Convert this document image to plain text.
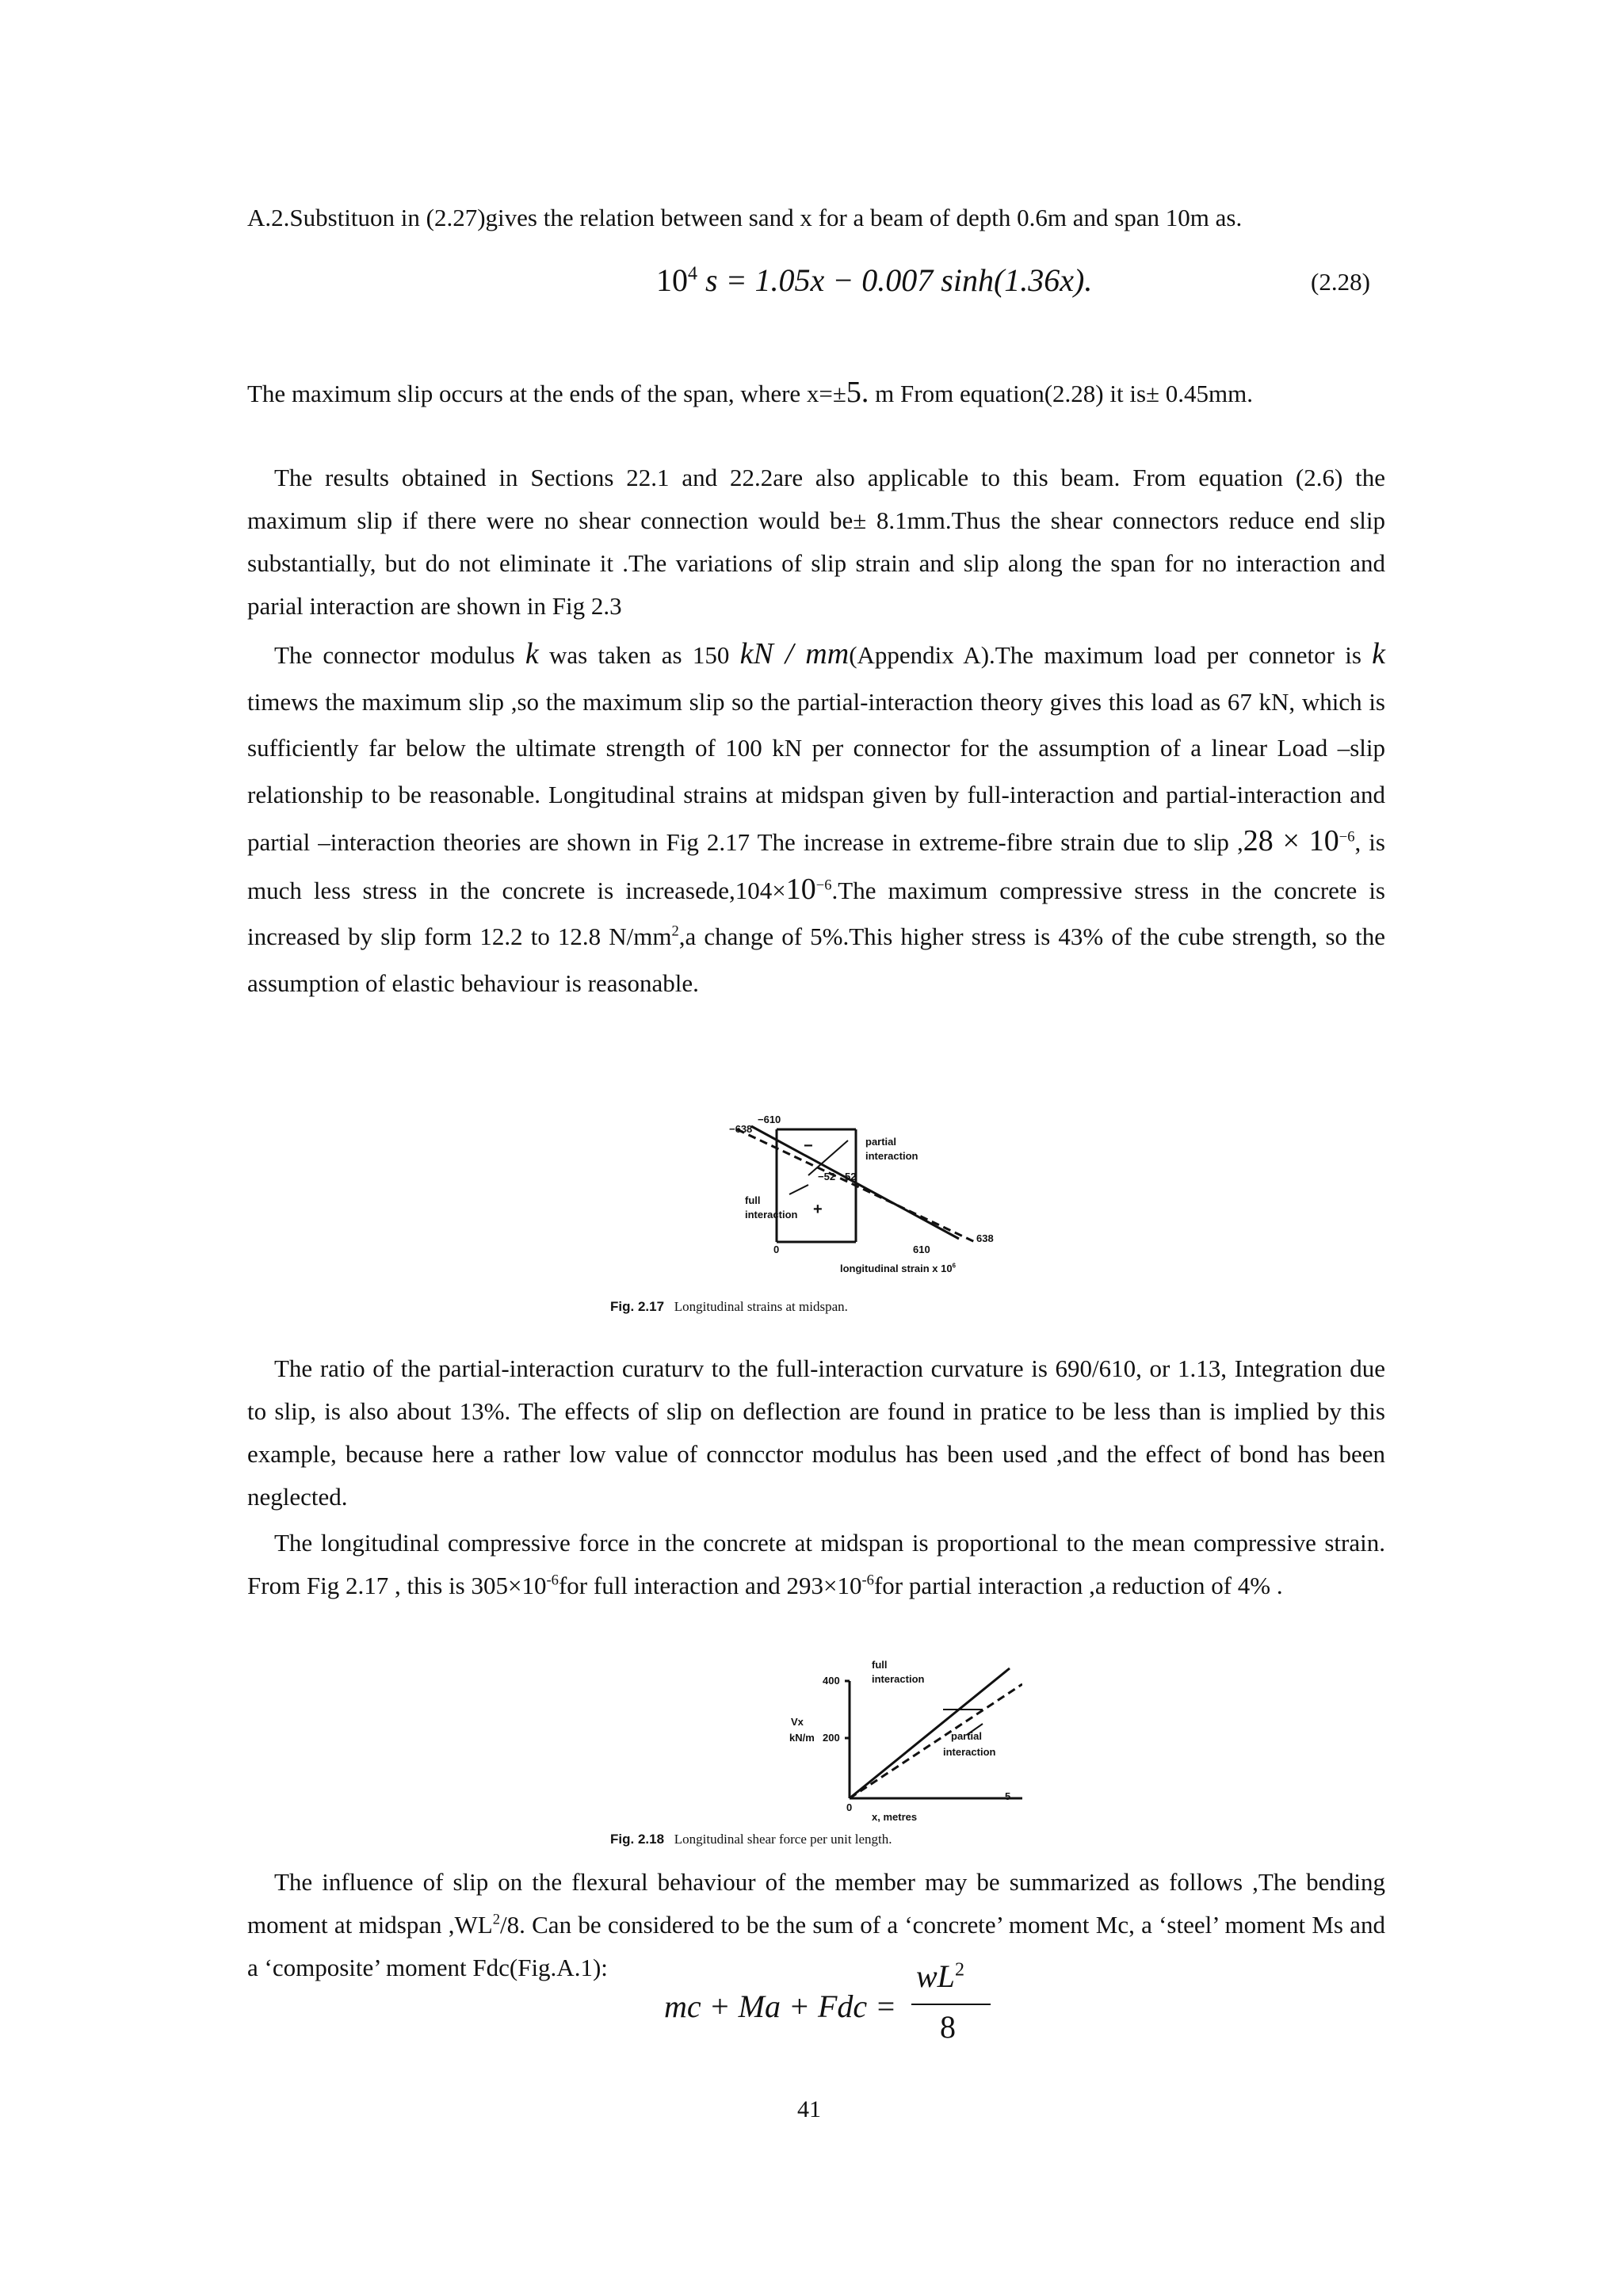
A.2.Substituon in (2.27)gives the relation between sand x for a beam of depth 0.6m and span 10m as.

$10^4$ s = 1.05x − 0.007 sinh(1.36x).	(2.28)

The maximum slip occurs at the ends of the span, where x=±5. m From equation(2.28) it is± 0.45mm.

The results obtained in Sections 22.1 and 22.2are also applicable to this beam. From equation (2.6) the maximum slip if there were no shear connection would be± 8.1mm.Thus the shear connectors reduce end slip substantially, but do not eliminate it .The variations of slip strain and slip along the span for no interaction and parial interaction are shown in Fig 2.3

The connector modulus k was taken as 150 kN / mm(Appendix A).The maximum load per connetor is k timews the maximum slip ,so the maximum slip so the partial-interaction theory gives this load as 67 kN, which is sufficiently far below the ultimate strength of 100 kN per connector for the assumption of a linear Load –slip relationship to be reasonable. Longitudinal strains at midspan given by full-interaction and partial-interaction and partial –interaction theories are shown in Fig 2.17 The increase in extreme-fibre strain due to slip $,28 \times 10^{-6}$, is much less stress in the concrete is $increasede,104\times 10^{-6}.The$ maximum compressive stress in the concrete is increased by slip form 12.2 to 12.8 $N/mm^2,a$ change of 5%.This higher stress is 43% of the cube strength, so the assumption of elastic behaviour is reasonable.

−610
−638
−	partial
interaction
−52 52
full
interaction +
638
0	610
longitudinal strain x $10^6$
Fig. 2.17 Longitudinal strains at midspan.

The ratio of the partial-interaction curaturv to the full-interaction curvature is 690/610, or 1.13, Integration due to slip, is also about 13%. The effects of slip on deflection are found in pratice to be less than is implied by this example, because here a rather low value of conncctor modulus has been used ,and the effect of bond has been neglected.

The longitudinal compressive force in the concrete at midspan is proportional to the mean compressive strain. From Fig 2.17 , this is $305\times 10^{-6}for$ full interaction and $293\times 10^{-6}for$ partial interaction ,a reduction of 4% .

400
200
Vx
kN/m
full
interaction
partial
interaction
0
5
x, metres
Fig. 2.18 Longitudinal shear force per unit length.

The influence of slip on the flexural behaviour of the member may be summarized as follows ,The bending moment at midspan $,WL^2/8$. Can be considered to be the sum of a ‘concrete’ moment Mc, a ‘steel’ moment Ms and a ‘composite’ moment Fdc(Fig.A.1):

mc + Ma + Fdc =
$wL^2$
8
41
